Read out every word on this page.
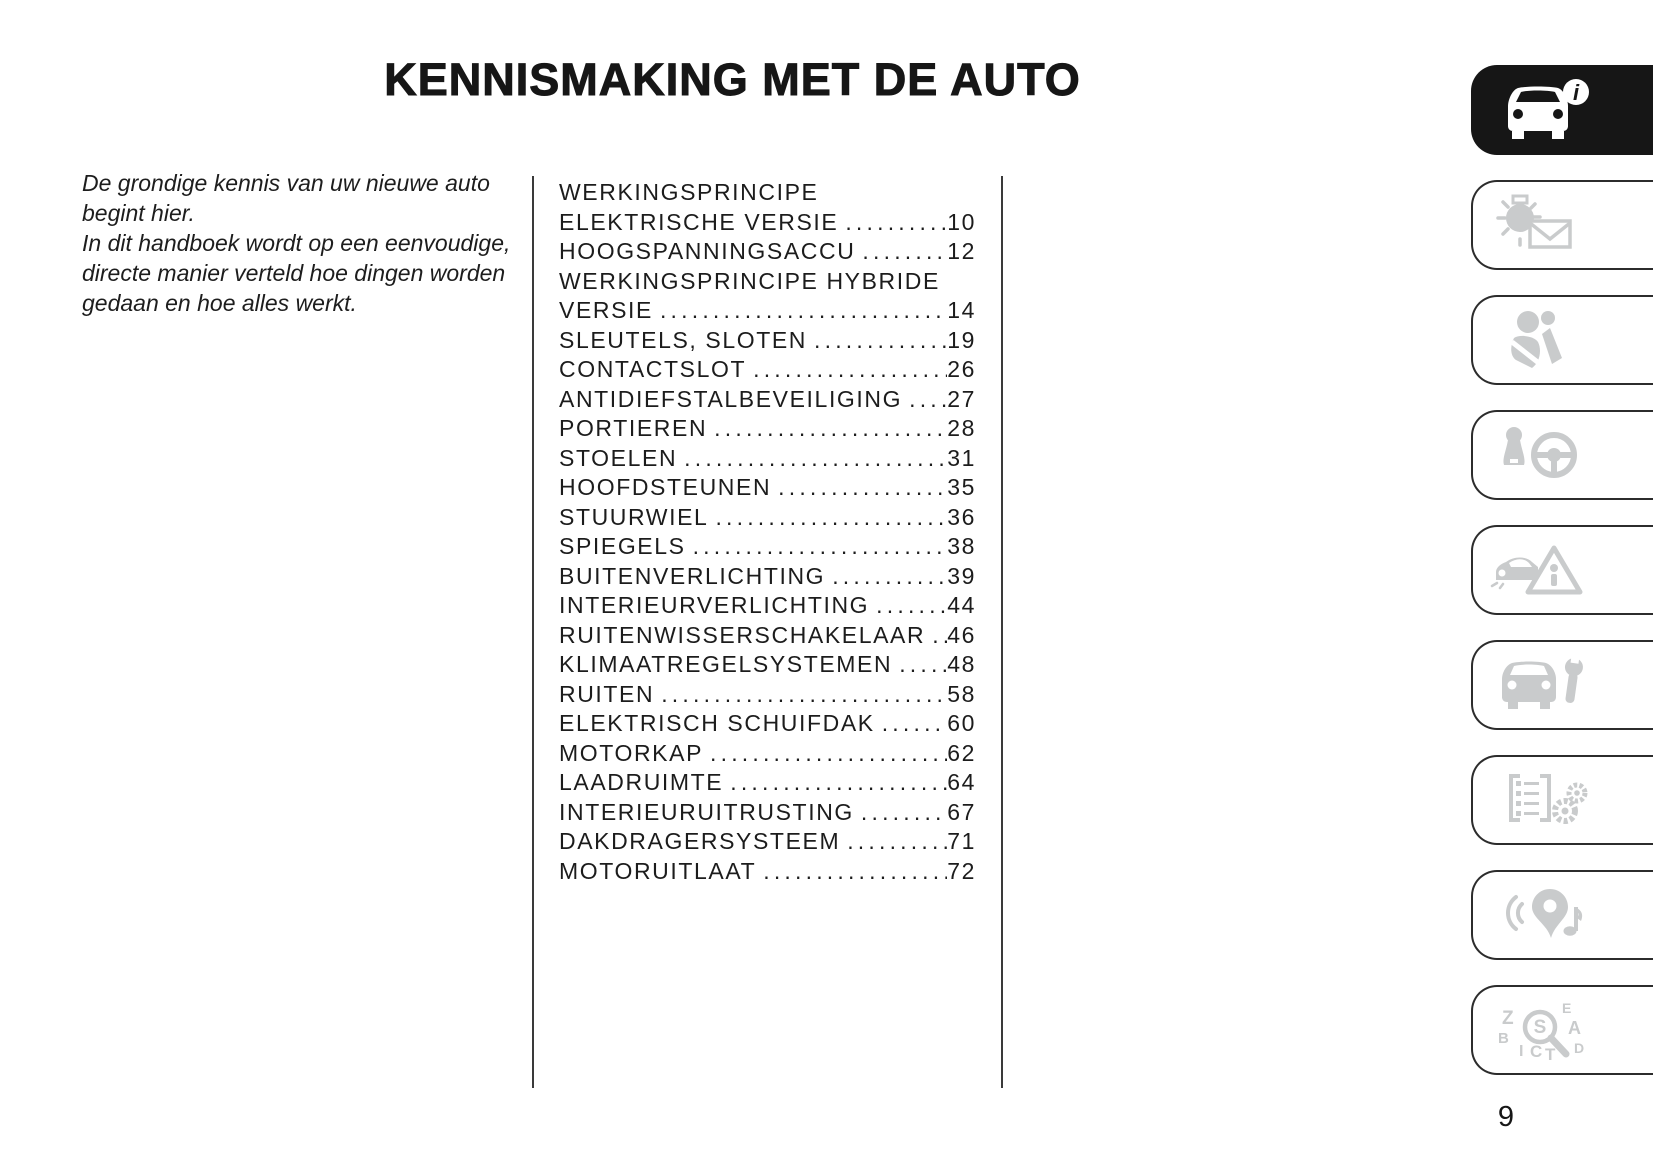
KENNISMAKING MET DE AUTO

De grondige kennis van uw nieuwe auto begint hier.

In dit handboek wordt op een eenvoudige, directe manier verteld hoe dingen worden gedaan en hoe alles werkt.

WERKINGSPRINCIPE
ELEKTRISCHE VERSIE .....	10
HOOGSPANNINGSACCU .....	12
WERKINGSPRINCIPE HYBRIDE
VERSIE .....	14
SLEUTELS, SLOTEN .....	19
CONTACTSLOT .....	26
ANTIDIEFSTALBEVEILIGING ..... 27
PORTIEREN .....	28
STOELEN .....	31
HOOFDSTEUNEN .....	35
STUURWIEL .....	36
SPIEGELS .....	38
BUITENVERLICHTING .....	39
INTERIEURVERLICHTING .....	44
RUITENWISSERSCHAKELAAR ..... 46
KLIMAATREGELSYSTEMEN ..... 48
RUITEN .....	58
ELEKTRISCH SCHUIFDAK .....	60
MOTORKAP .....	62
LAADRUIMTE .....	64
INTERIEURUITRUSTING .....	67
DAKDRAGERSYSTEEM .....	71
MOTORUITLAAT .....	72
i
Z	E
B
A
I C T D
S
9
